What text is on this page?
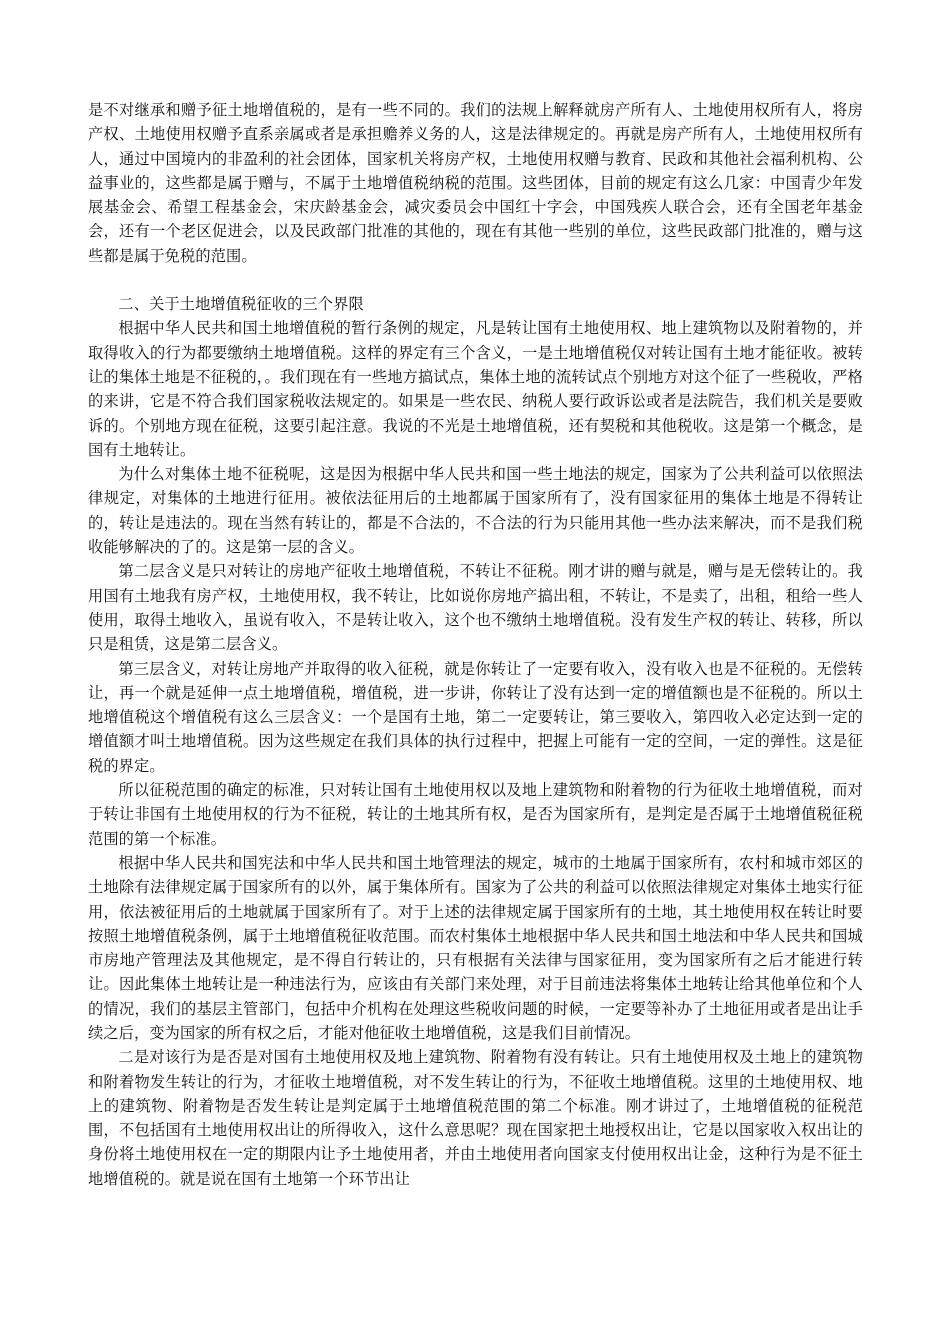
是不对继承和赠予征土地增值税的，是有一些不同的。我们的法规上解释就房产所有人、土地使用权所有人，将房产权、土地使用权赠予直系亲属或者是承担赡养义务的人，这是法律规定的。再就是房产所有人，土地使用权所有人，通过中国境内的非盈利的社会团体，国家机关将房产权，土地使用权赠与教育、民政和其他社会福利机构、公益事业的，这些都是属于赠与，不属于土地增值税纳税的范围。这些团体，目前的规定有这么几家：中国青少年发展基金会、希望工程基金会，宋庆龄基金会，减灾委员会中国红十字会，中国残疾人联合会，还有全国老年基金会，还有一个老区促进会，以及民政部门批准的其他的，现在有其他一些别的单位，这些民政部门批准的，赠与这些都是属于免税的范围。

二、关于土地增值税征收的三个界限

根据中华人民共和国土地增值税的暂行条例的规定，凡是转让国有土地使用权、地上建筑物以及附着物的，并取得收入的行为都要缴纳土地增值税。这样的界定有三个含义，一是土地增值税仅对转让国有土地才能征收。被转让的集体土地是不征税的，。我们现在有一些地方搞试点，集体土地的流转试点个别地方对这个征了一些税收，严格的来讲，它是不符合我们国家税收法规定的。如果是一些农民、纳税人要行政诉讼或者是法院告，我们机关是要败诉的。个别地方现在征税，这要引起注意。我说的不光是土地增值税，还有契税和其他税收。这是第一个概念，是国有土地转让。

为什么对集体土地不征税呢，这是因为根据中华人民共和国一些土地法的规定，国家为了公共利益可以依照法律规定，对集体的土地进行征用。被依法征用后的土地都属于国家所有了，没有国家征用的集体土地是不得转让的，转让是违法的。现在当然有转让的，都是不合法的，不合法的行为只能用其他一些办法来解决，而不是我们税收能够解决的了的。这是第一层的含义。

第二层含义是只对转让的房地产征收土地增值税，不转让不征税。刚才讲的赠与就是，赠与是无偿转让的。我用国有土地我有房产权，土地使用权，我不转让，比如说你房地产搞出租，不转让，不是卖了，出租，租给一些人使用，取得土地收入，虽说有收入，不是转让收入，这个也不缴纳土地增值税。没有发生产权的转让、转移，所以只是租赁，这是第二层含义。

第三层含义，对转让房地产并取得的收入征税，就是你转让了一定要有收入，没有收入也是不征税的。无偿转让，再一个就是延伸一点土地增值税，增值税，进一步讲，你转让了没有达到一定的增值额也是不征税的。所以土地增值税这个增值税有这么三层含义：一个是国有土地，第二一定要转让，第三要收入，第四收入必定达到一定的增值额才叫土地增值税。因为这些规定在我们具体的执行过程中，把握上可能有一定的空间，一定的弹性。这是征税的界定。

所以征税范围的确定的标准，只对转让国有土地使用权以及地上建筑物和附着物的行为征收土地增值税，而对于转让非国有土地使用权的行为不征税，转让的土地其所有权，是否为国家所有，是判定是否属于土地增值税征税范围的第一个标准。

根据中华人民共和国宪法和中华人民共和国土地管理法的规定，城市的土地属于国家所有，农村和城市郊区的土地除有法律规定属于国家所有的以外，属于集体所有。国家为了公共的利益可以依照法律规定对集体土地实行征用，依法被征用后的土地就属于国家所有了。对于上述的法律规定属于国家所有的土地，其土地使用权在转让时要按照土地增值税条例，属于土地增值税征收范围。而农村集体土地根据中华人民共和国土地法和中华人民共和国城市房地产管理法及其他规定，是不得自行转让的，只有根据有关法律与国家征用，变为国家所有之后才能进行转让。因此集体土地转让是一种违法行为，应该由有关部门来处理，对于目前违法将集体土地转让给其他单位和个人的情况，我们的基层主管部门，包括中介机构在处理这些税收问题的时候，一定要等补办了土地征用或者是出让手续之后，变为国家的所有权之后，才能对他征收土地增值税，这是我们目前情况。

二是对该行为是否是对国有土地使用权及地上建筑物、附着物有没有转让。只有土地使用权及土地上的建筑物和附着物发生转让的行为，才征收土地增值税，对不发生转让的行为，不征收土地增值税。这里的土地使用权、地上的建筑物、附着物是否发生转让是判定属于土地增值税范围的第二个标准。刚才讲过了，土地增值税的征税范围，不包括国有土地使用权出让的所得收入，这什么意思呢？现在国家把土地授权出让，它是以国家收入权出让的身份将土地使用权在一定的期限内让予土地使用者，并由土地使用者向国家支付使用权出让金，这种行为是不征土地增值税的。就是说在国有土地第一个环节出让
